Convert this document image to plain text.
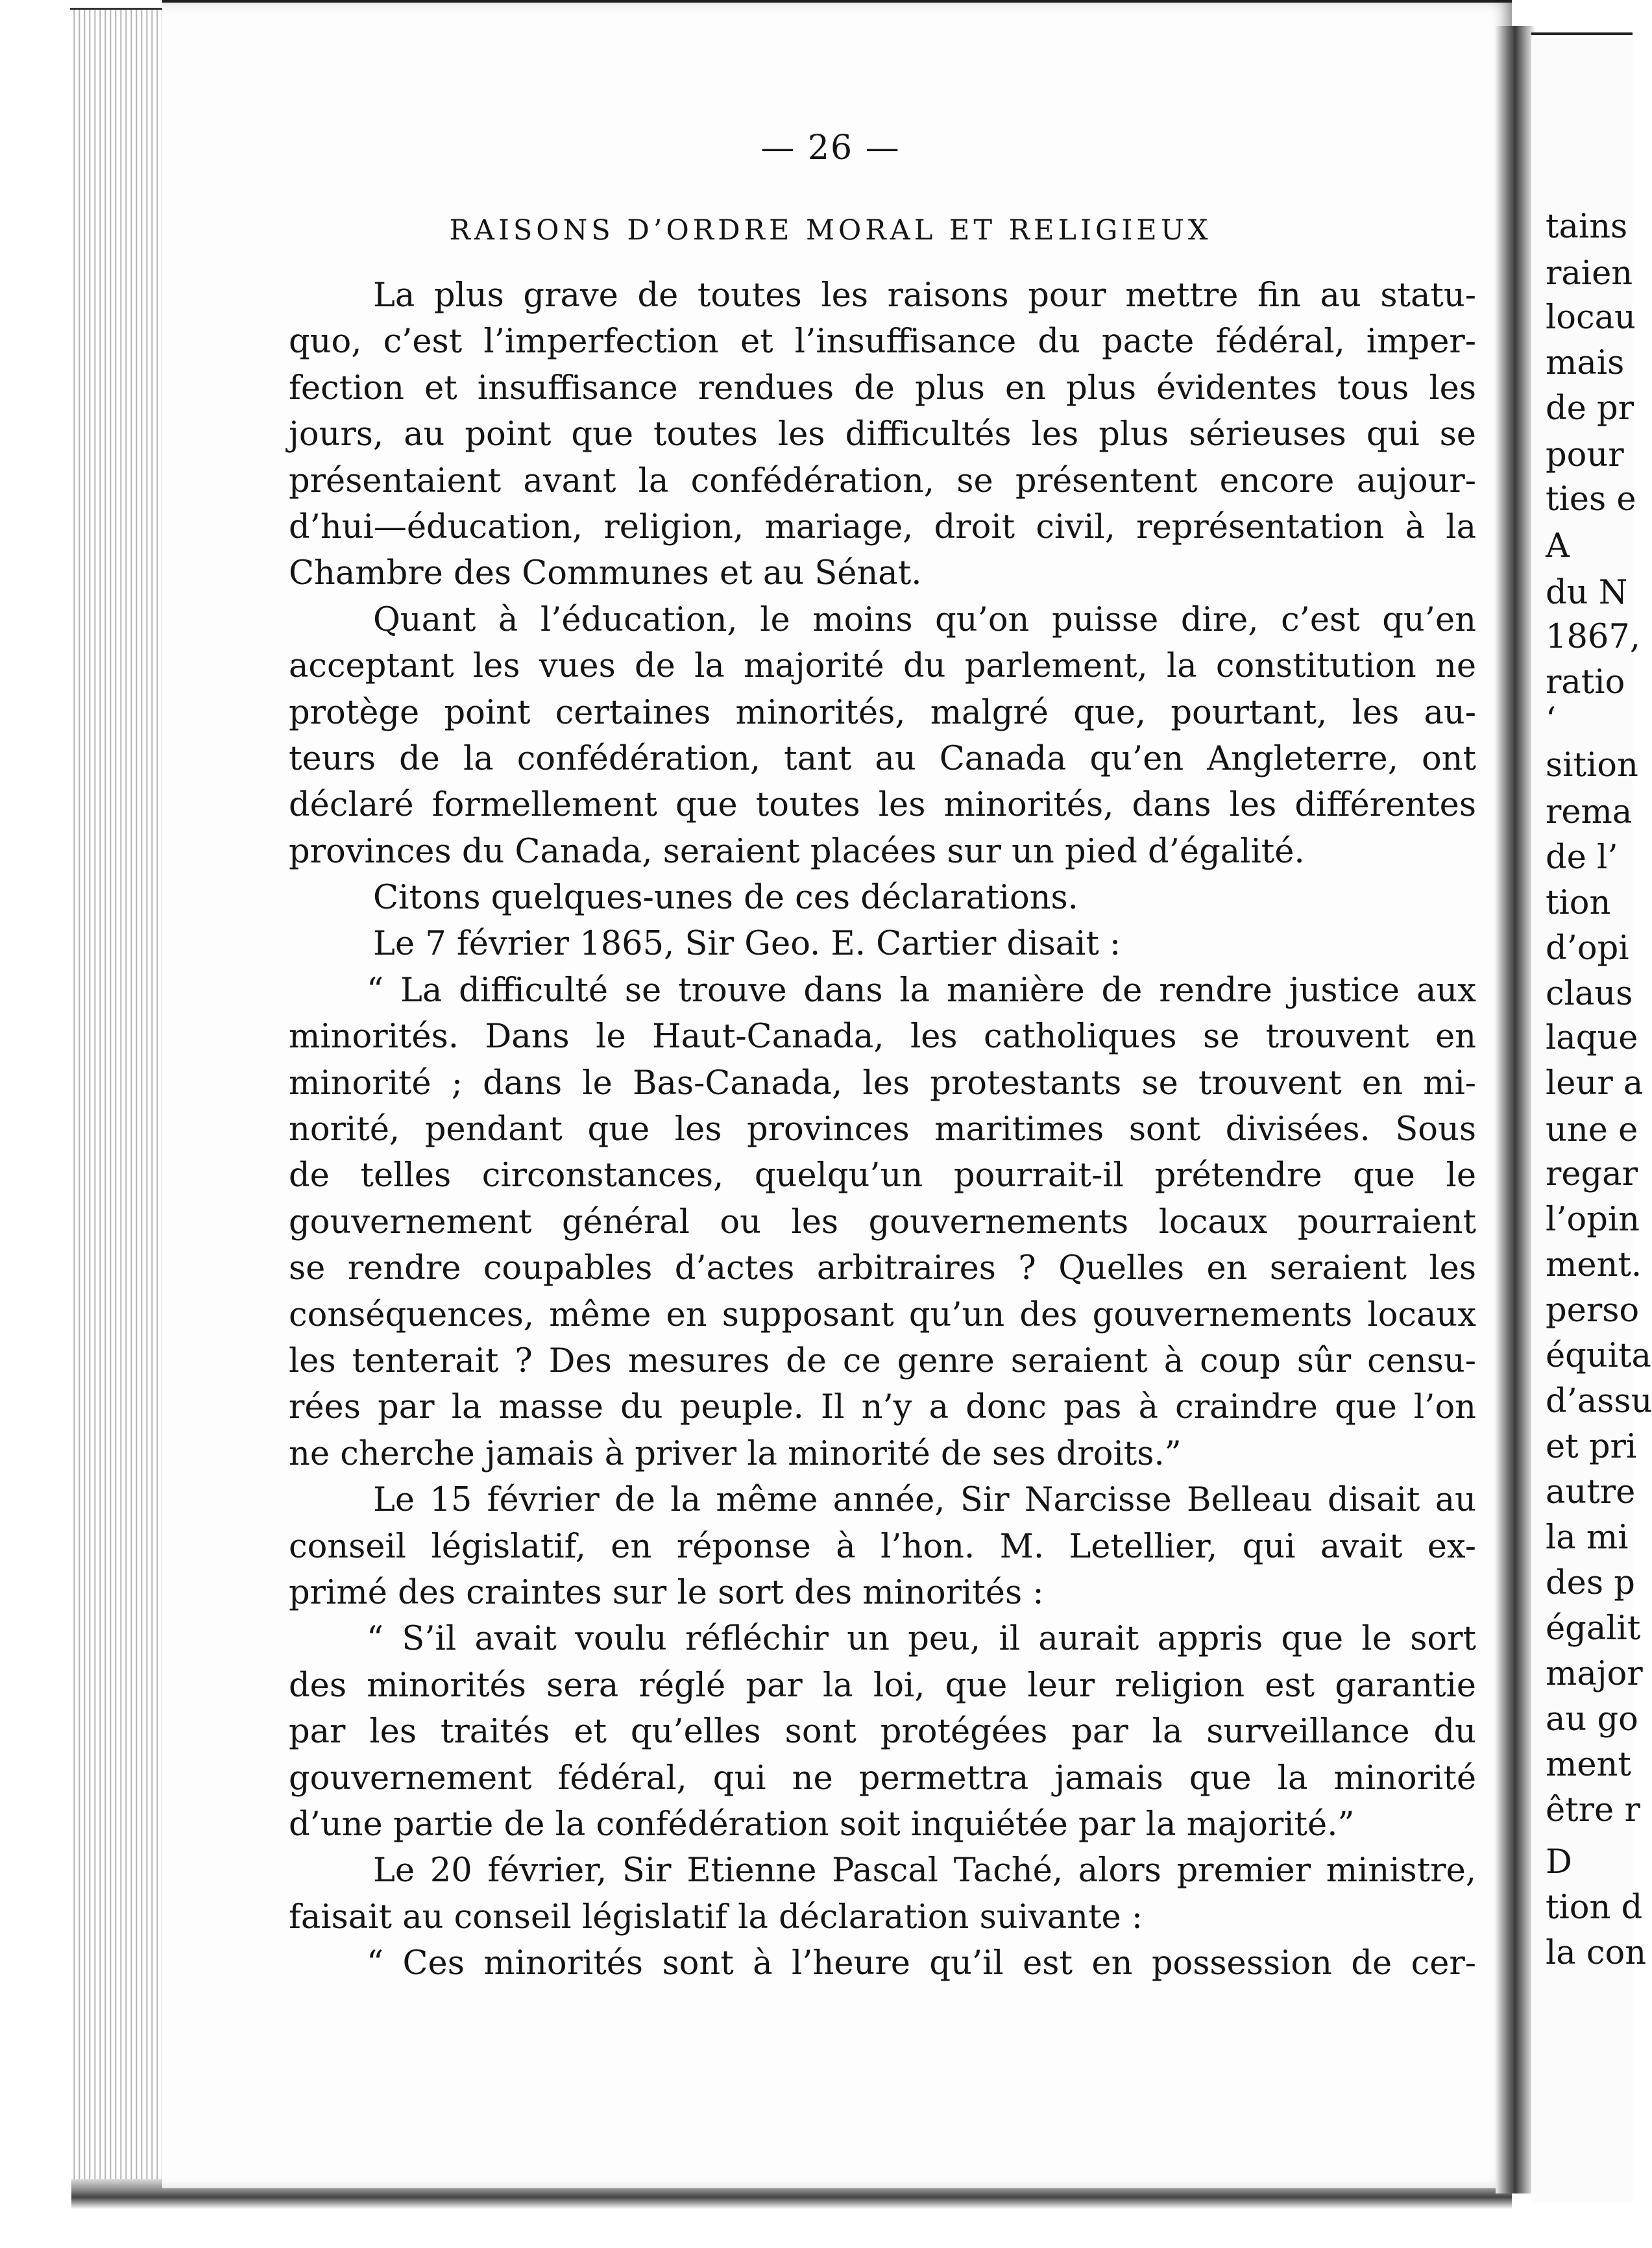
— 26 —
RAISONS D’ORDRE MORAL ET RELIGIEUX
La plus grave de toutes les raisons pour mettre fin au statu-
quo, c’est l’imperfection et l’insuffisance du pacte fédéral, imper-
fection et insuffisance rendues de plus en plus évidentes tous les
jours, au point que toutes les difficultés les plus sérieuses qui se
présentaient avant la confédération, se présentent encore aujour-
d’hui—éducation, religion, mariage, droit civil, représentation à la
Chambre des Communes et au Sénat.
Quant à l’éducation, le moins qu’on puisse dire, c’est qu’en
acceptant les vues de la majorité du parlement, la constitution ne
protège point certaines minorités, malgré que, pourtant, les au-
teurs de la confédération, tant au Canada qu’en Angleterre, ont
déclaré formellement que toutes les minorités, dans les différentes
provinces du Canada, seraient placées sur un pied d’égalité.
Citons quelques-unes de ces déclarations.
Le 7 février 1865, Sir Geo. E. Cartier disait :
“ La difficulté se trouve dans la manière de rendre justice aux
minorités. Dans le Haut-Canada, les catholiques se trouvent en
minorité ; dans le Bas-Canada, les protestants se trouvent en mi-
norité, pendant que les provinces maritimes sont divisées. Sous
de telles circonstances, quelqu’un pourrait-il prétendre que le
gouvernement général ou les gouvernements locaux pourraient
se rendre coupables d’actes arbitraires ? Quelles en seraient les
conséquences, même en supposant qu’un des gouvernements locaux
les tenterait ? Des mesures de ce genre seraient à coup sûr censu-
rées par la masse du peuple. Il n’y a donc pas à craindre que l’on
ne cherche jamais à priver la minorité de ses droits.”
Le 15 février de la même année, Sir Narcisse Belleau disait au
conseil législatif, en réponse à l’hon. M. Letellier, qui avait ex-
primé des craintes sur le sort des minorités :
“ S’il avait voulu réfléchir un peu, il aurait appris que le sort
des minorités sera réglé par la loi, que leur religion est garantie
par les traités et qu’elles sont protégées par la surveillance du
gouvernement fédéral, qui ne permettra jamais que la minorité
d’une partie de la confédération soit inquiétée par la majorité.”
Le 20 février, Sir Etienne Pascal Taché, alors premier ministre,
faisait au conseil législatif la déclaration suivante :
“ Ces minorités sont à l’heure qu’il est en possession de cer-
tains
raien
locau
mais
de pr
pour
ties e
A
du N
1867,
ratio
‘
sition
rema
de l’
tion
d’opi
claus
laque
leur a
une e
regar
l’opin
ment.
perso
équita
d’assu
et pri
autre
la mi
des p
égalit
major
au go
ment
être r
D
tion d
la con
